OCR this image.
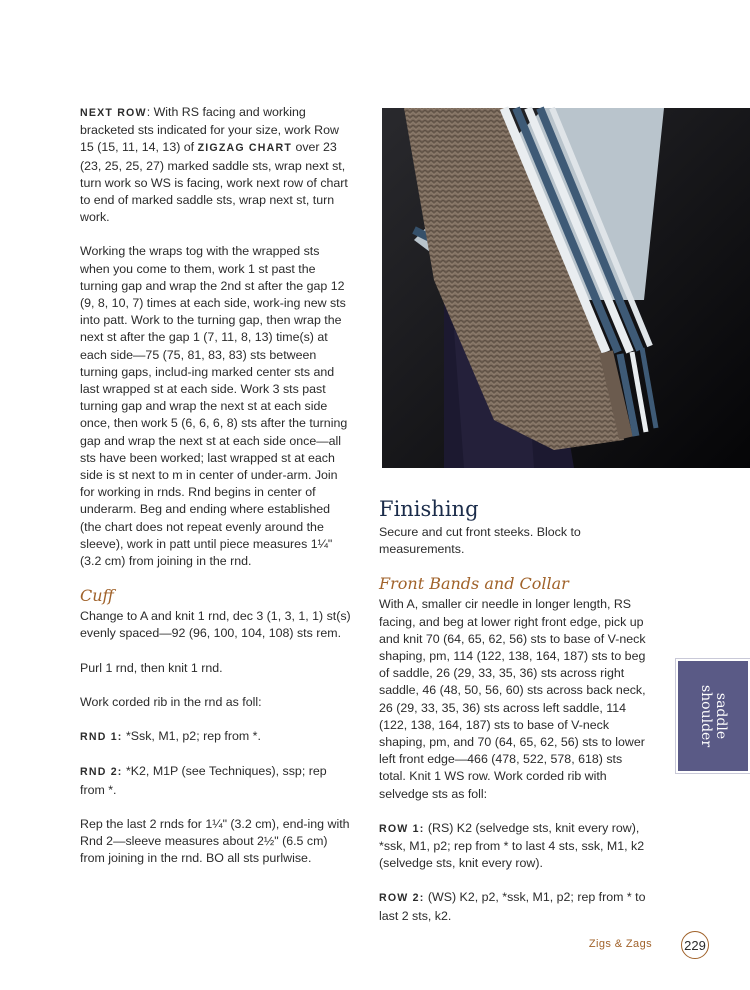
NEXT ROW: With RS facing and working bracketed sts indicated for your size, work Row 15 (15, 11, 14, 13) of ZIGZAG CHART over 23 (23, 25, 25, 27) marked saddle sts, wrap next st, turn work so WS is facing, work next row of chart to end of marked saddle sts, wrap next st, turn work.

Working the wraps tog with the wrapped sts when you come to them, work 1 st past the turning gap and wrap the 2nd st after the gap 12 (9, 8, 10, 7) times at each side, work-ing new sts into patt. Work to the turning gap, then wrap the next st after the gap 1 (7, 11, 8, 13) time(s) at each side—75 (75, 81, 83, 83) sts between turning gaps, includ-ing marked center sts and last wrapped st at each side. Work 3 sts past turning gap and wrap the next st at each side once, then work 5 (6, 6, 6, 8) sts after the turning gap and wrap the next st at each side once—all sts have been worked; last wrapped st at each side is st next to m in center of under-arm. Join for working in rnds. Rnd begins in center of underarm. Beg and ending where established (the chart does not repeat evenly around the sleeve), work in patt until piece measures 1¼" (3.2 cm) from joining in the rnd.

Cuff

Change to A and knit 1 rnd, dec 3 (1, 3, 1, 1) st(s) evenly spaced—92 (96, 100, 104, 108) sts rem.

Purl 1 rnd, then knit 1 rnd.

Work corded rib in the rnd as foll:

RND 1: *Ssk, M1, p2; rep from *.

RND 2: *K2, M1P (see Techniques), ssp; rep from *.

Rep the last 2 rnds for 1¼" (3.2 cm), end-ing with Rnd 2—sleeve measures about 2½" (6.5 cm) from joining in the rnd. BO all sts purlwise.

Finishing

Secure and cut front steeks. Block to measurements.

Front Bands and Collar

With A, smaller cir needle in longer length, RS facing, and beg at lower right front edge, pick up and knit 70 (64, 65, 62, 56) sts to base of V-neck shaping, pm, 114 (122, 138, 164, 187) sts to beg of saddle, 26 (29, 33, 35, 36) sts across right saddle, 46 (48, 50, 56, 60) sts across back neck, 26 (29, 33, 35, 36) sts across left saddle, 114 (122, 138, 164, 187) sts to base of V-neck shaping, pm, and 70 (64, 65, 62, 56) sts to lower left front edge—466 (478, 522, 578, 618) sts total. Knit 1 WS row. Work corded rib with selvedge sts as foll:

ROW 1: (RS) K2 (selvedge sts, knit every row), *ssk, M1, p2; rep from * to last 4 sts, ssk, M1, k2 (selvedge sts, knit every row).

ROW 2: (WS) K2, p2, *ssk, M1, p2; rep from * to last 2 sts, k2.

saddle
shoulder
Zigs & Zags 229
